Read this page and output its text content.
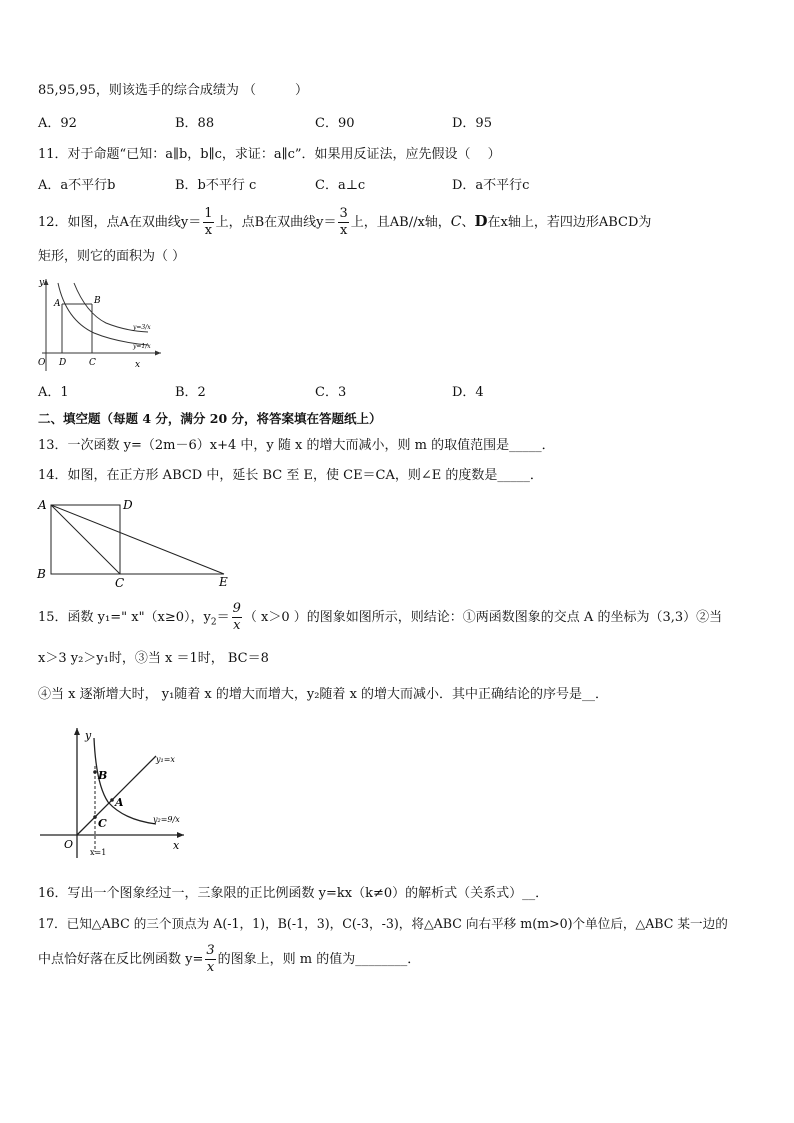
85,95,95，则该选手的综合成绩为 （　　　）
A．92	B．88	C．90	D．95
11．对于命题“已知：a∥b，b∥c，求证：a∥c”．如果用反证法，应先假设（　 ）
A．a不平行b	B．b不平行 c	C．a⊥c	D．a不平行c
12．如图，点A在双曲线$y= \frac{1}{x}$ 上，点B在双曲线$y= \frac{3}{x}$ 上，且AB//x轴，C、D在x轴上，若四边形ABCD为
矩形，则它的面积为（ ）
y
A	B
y=3/x
y=1/x
O D	C	x
A．1	B．2	C．3	D．4
二、填空题（每题 4 分，满分 20 分，将答案填在答题纸上）
13．一次函数 y=（2m－6）x+4 中，y 随 x 的增大而减小，则 m 的取值范围是_____．
14．如图，在正方形 ABCD 中，延长 BC 至 E，使 CE＝CA，则∠E 的度数是_____．
A	D
B
C	E
15．函数 y₁=" x"（x≥0），$y_2= \frac{9}{x}$ （ x＞0 ）的图象如图所示，则结论：①两函数图象的交点 A 的坐标为（3,3）②当
x＞3 y₂＞y₁时，③当 x ＝1时， BC＝8
④当 x 逐渐增大时， y₁随着 x 的增大而增大，y₂随着 x 的增大而减小．其中正确结论的序号是__．
y
y₁=x
B
A
y₂=9/x
C
O
x=1
x
16．写出一个图象经过一，三象限的正比例函数 y=kx（k≠0）的解析式（关系式）__．
17．已知△ABC 的三个顶点为 A(-1，1)，B(-1，3)，C(-3，-3)，将△ABC 向右平移 m(m>0)个单位后，△ABC 某一边的
中点恰好落在反比例函数 $y= \frac{3}{x}$ 的图象上，则 m 的值为________．
